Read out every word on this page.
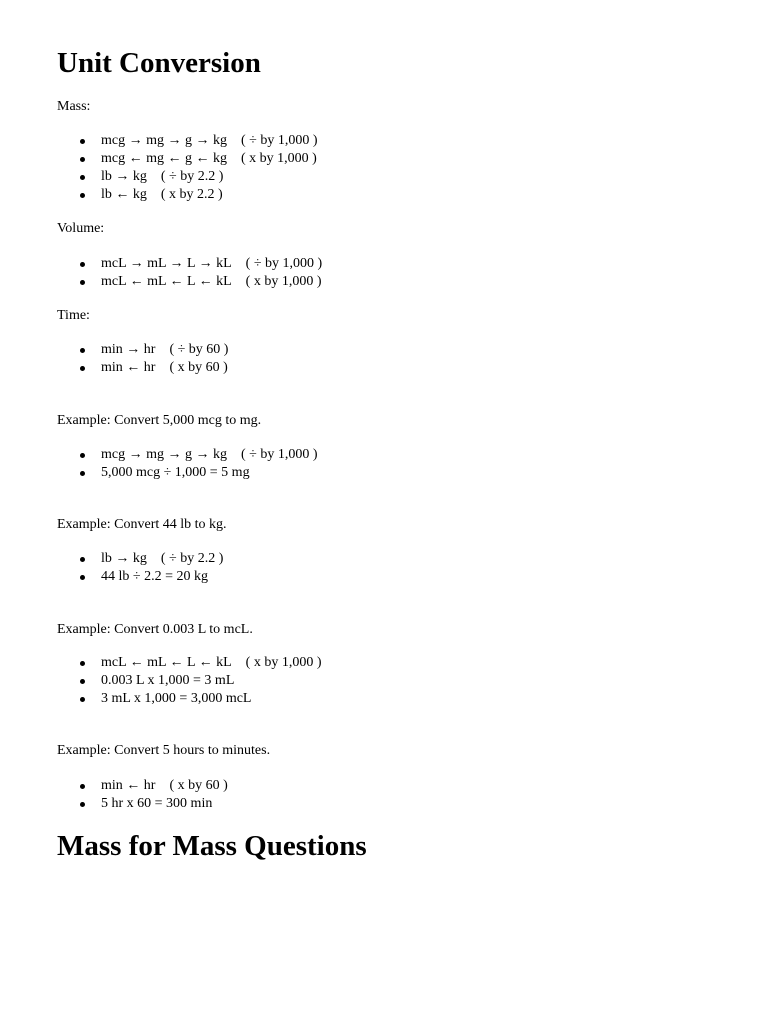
Unit Conversion
Mass:
mcg → mg → g → kg ( ÷ by 1,000 )
mcg ← mg ← g ← kg ( x by 1,000 )
lb → kg ( ÷ by 2.2 )
lb ← kg ( x by 2.2 )
Volume:
mcL → mL → L → kL ( ÷ by 1,000 )
mcL ← mL ← L ← kL ( x by 1,000 )
Time:
min → hr ( ÷ by 60 )
min ← hr ( x by 60 )
Example: Convert 5,000 mcg to mg.
mcg → mg → g → kg ( ÷ by 1,000 )
5,000 mcg ÷ 1,000 = 5 mg
Example: Convert 44 lb to kg.
lb → kg ( ÷ by 2.2 )
44 lb ÷ 2.2 = 20 kg
Example: Convert 0.003 L to mcL.
mcL ← mL ← L ← kL ( x by 1,000 )
0.003 L x 1,000 = 3 mL
3 mL x 1,000 = 3,000 mcL
Example: Convert 5 hours to minutes.
min ← hr ( x by 60 )
5 hr x 60 = 300 min
Mass for Mass Questions
